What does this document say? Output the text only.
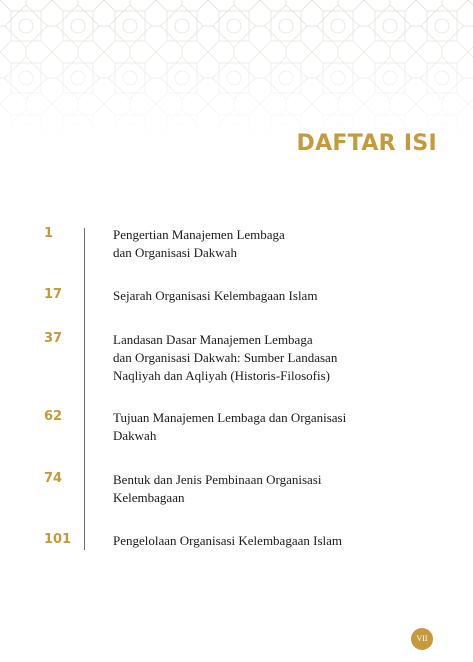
DAFTAR ISI
1	Pengertian Manajemen Lembaga
dan Organisasi Dakwah
17	Sejarah Organisasi Kelembagaan Islam
37	Landasan Dasar Manajemen Lembaga
dan Organisasi Dakwah: Sumber Landasan
Naqliyah dan Aqliyah (Historis-Filosofis)
62	Tujuan Manajemen Lembaga dan Organisasi
Dakwah
74	Bentuk dan Jenis Pembinaan Organisasi
Kelembagaan
101	Pengelolaan Organisasi Kelembagaan Islam
VII
